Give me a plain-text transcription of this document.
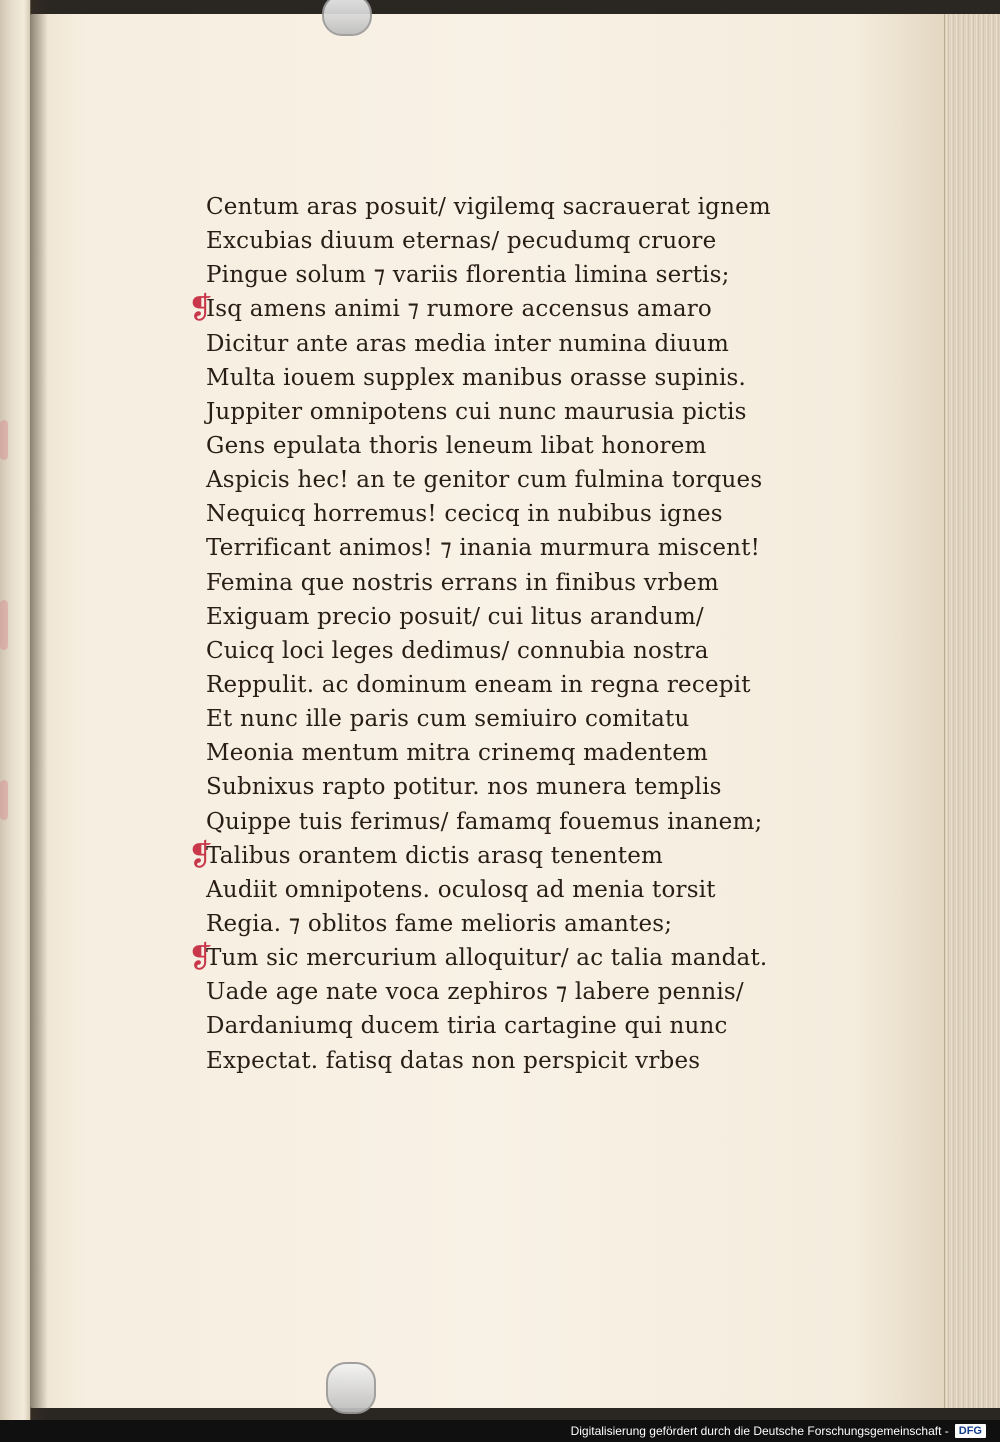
Centum aras posuit/ vigilemq sacrauerat ignem
Excubias diuum eternas/ pecudumq cruore
Pingue solum ⁊ variis florentia limina sertis;
❡
Isq amens animi ⁊ rumore accensus amaro
Dicitur ante aras media inter numina diuum
Multa iouem supplex manibus orasse supinis.
Juppiter omnipotens cui nunc maurusia pictis
Gens epulata thoris leneum libat honorem
Aspicis hec! an te genitor cum fulmina torques
Nequicq horremus! cecicq in nubibus ignes
Terrificant animos! ⁊ inania murmura miscent!
Femina que nostris errans in finibus vrbem
Exiguam precio posuit/ cui litus arandum/
Cuicq loci leges dedimus/ connubia nostra
Reppulit. ac dominum eneam in regna recepit
Et nunc ille paris cum semiuiro comitatu
Meonia mentum mitra crinemq madentem
Subnixus rapto potitur. nos munera templis
Quippe tuis ferimus/ famamq fouemus inanem;
❡
Talibus orantem dictis arasq tenentem
Audiit omnipotens. oculosq ad menia torsit
Regia. ⁊ oblitos fame melioris amantes;
❡
Tum sic mercurium alloquitur/ ac talia mandat.
Uade age nate voca zephiros ⁊ labere pennis/
Dardaniumq ducem tiria cartagine qui nunc
Expectat. fatisq datas non perspicit vrbes
Digitalisierung gefördert durch die Deutsche Forschungsgemeinschaft - DFG
